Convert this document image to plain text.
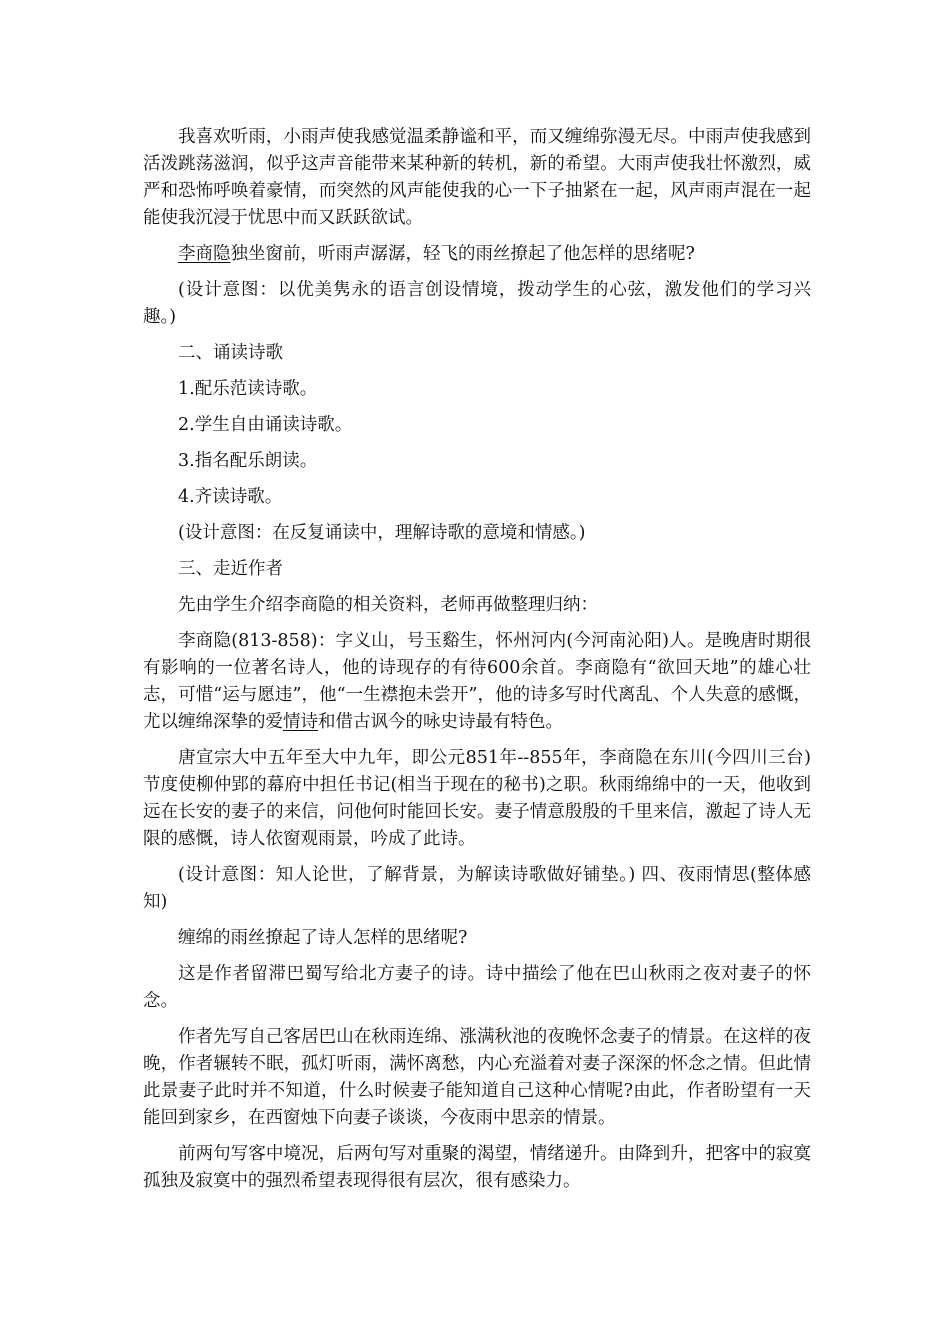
我喜欢听雨，小雨声使我感觉温柔静谧和平，而又缠绵弥漫无尽。中雨声使我感到活泼跳荡滋润，似乎这声音能带来某种新的转机，新的希望。大雨声使我壮怀激烈，威严和恐怖呼唤着豪情，而突然的风声能使我的心一下子抽紧在一起，风声雨声混在一起能使我沉浸于忧思中而又跃跃欲试。

李商隐独坐窗前，听雨声潺潺，轻飞的雨丝撩起了他怎样的思绪呢?

(设计意图：以优美隽永的语言创设情境，拨动学生的心弦，激发他们的学习兴趣。)

二、诵读诗歌

1.配乐范读诗歌。

2.学生自由诵读诗歌。

3.指名配乐朗读。

4.齐读诗歌。

(设计意图：在反复诵读中，理解诗歌的意境和情感。)

三、走近作者

先由学生介绍李商隐的相关资料，老师再做整理归纳：

李商隐(813-858)：字义山，号玉谿生，怀州河内(今河南沁阳)人。是晚唐时期很有影响的一位著名诗人，他的诗现存的有待600余首。李商隐有“欲回天地”的雄心壮志，可惜“运与愿违”，他“一生襟抱未尝开”，他的诗多写时代离乱、个人失意的感慨，尤以缠绵深挚的爱情诗和借古讽今的咏史诗最有特色。

唐宣宗大中五年至大中九年，即公元851年--855年，李商隐在东川(今四川三台)节度使柳仲郢的幕府中担任书记(相当于现在的秘书)之职。秋雨绵绵中的一天，他收到远在长安的妻子的来信，问他何时能回长安。妻子情意殷殷的千里来信，激起了诗人无限的感慨，诗人依窗观雨景，吟成了此诗。

(设计意图：知人论世，了解背景，为解读诗歌做好铺垫。) 四、夜雨情思(整体感知)

缠绵的雨丝撩起了诗人怎样的思绪呢?

这是作者留滞巴蜀写给北方妻子的诗。诗中描绘了他在巴山秋雨之夜对妻子的怀念。

作者先写自己客居巴山在秋雨连绵、涨满秋池的夜晚怀念妻子的情景。在这样的夜晚，作者辗转不眠，孤灯听雨，满怀离愁，内心充溢着对妻子深深的怀念之情。但此情此景妻子此时并不知道，什么时候妻子能知道自己这种心情呢?由此，作者盼望有一天能回到家乡，在西窗烛下向妻子谈谈，今夜雨中思亲的情景。

前两句写客中境况，后两句写对重聚的渴望，情绪递升。由降到升，把客中的寂寞孤独及寂寞中的强烈希望表现得很有层次，很有感染力。
